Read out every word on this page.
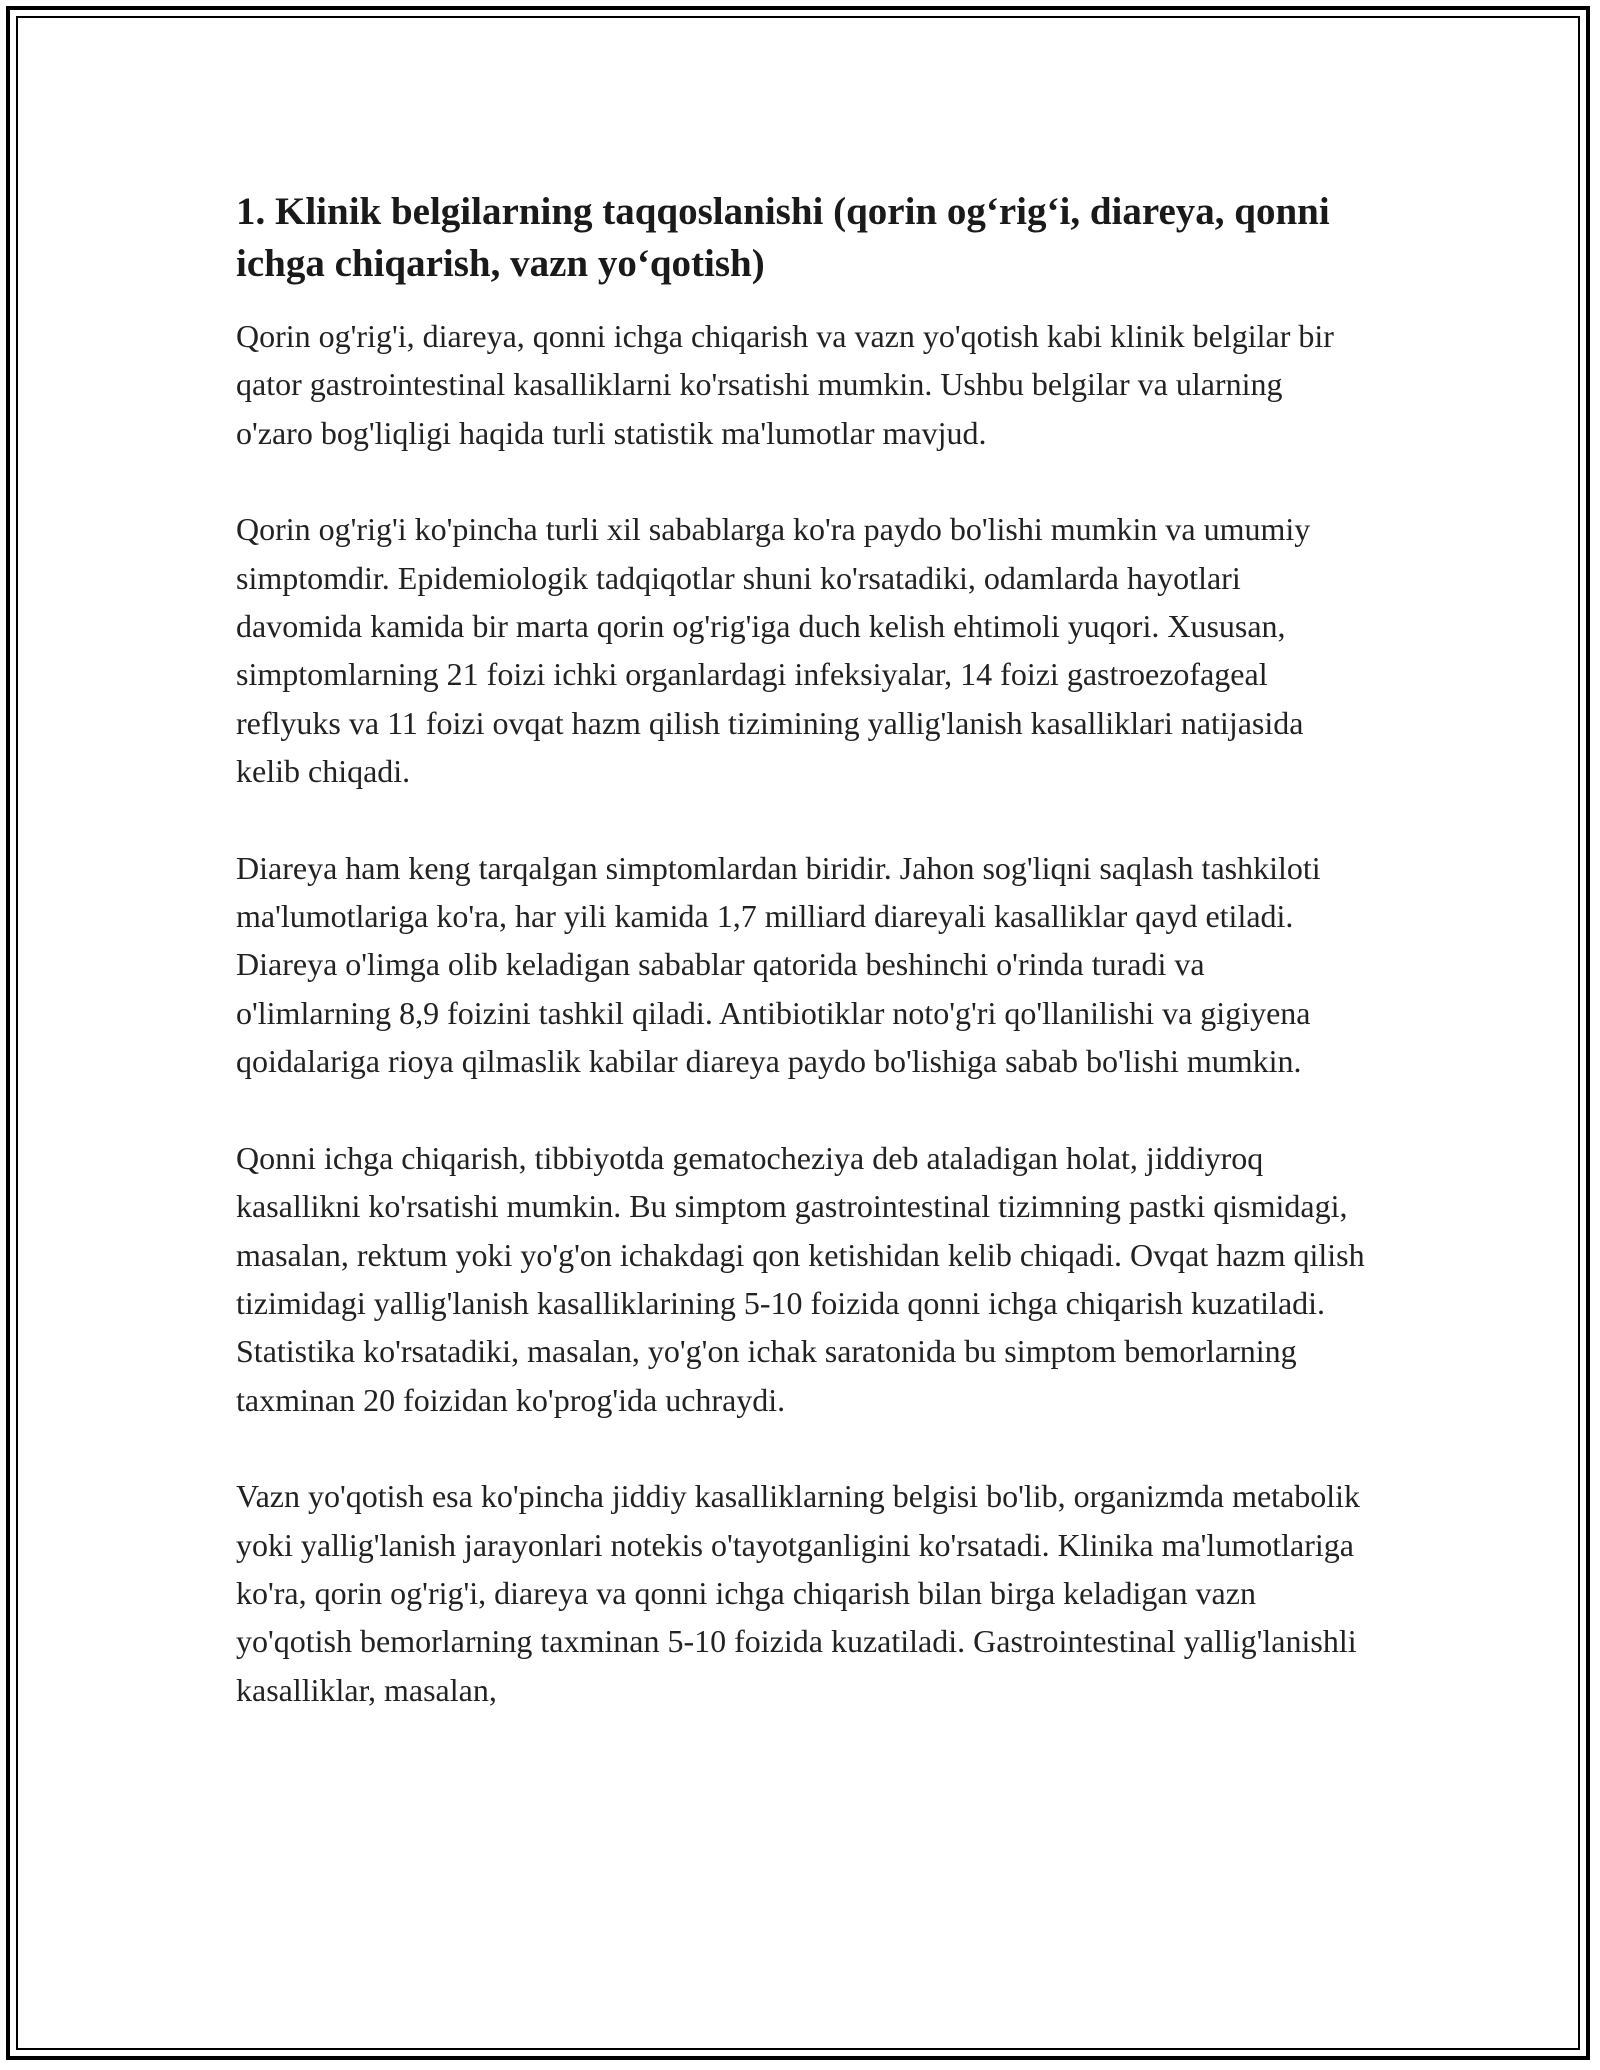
1. Klinik belgilarning taqqoslanishi (qorin og‘rig‘i, diareya, qonni ichga chiqarish, vazn yo‘qotish)

Qorin og'rig'i, diareya, qonni ichga chiqarish va vazn yo'qotish kabi klinik belgilar bir qator gastrointestinal kasalliklarni ko'rsatishi mumkin. Ushbu belgilar va ularning o'zaro bog'liqligi haqida turli statistik ma'lumotlar mavjud.

Qorin og'rig'i ko'pincha turli xil sabablarga ko'ra paydo bo'lishi mumkin va umumiy simptomdir. Epidemiologik tadqiqotlar shuni ko'rsatadiki, odamlarda hayotlari davomida kamida bir marta qorin og'rig'iga duch kelish ehtimoli yuqori. Xususan, simptomlarning 21 foizi ichki organlardagi infeksiyalar, 14 foizi gastroezofageal reflyuks va 11 foizi ovqat hazm qilish tizimining yallig'lanish kasalliklari natijasida kelib chiqadi.

Diareya ham keng tarqalgan simptomlardan biridir. Jahon sog'liqni saqlash tashkiloti ma'lumotlariga ko'ra, har yili kamida 1,7 milliard diareyali kasalliklar qayd etiladi. Diareya o'limga olib keladigan sabablar qatorida beshinchi o'rinda turadi va o'limlarning 8,9 foizini tashkil qiladi. Antibiotiklar noto'g'ri qo'llanilishi va gigiyena qoidalariga rioya qilmaslik kabilar diareya paydo bo'lishiga sabab bo'lishi mumkin.

Qonni ichga chiqarish, tibbiyotda gematocheziya deb ataladigan holat, jiddiyroq kasallikni ko'rsatishi mumkin. Bu simptom gastrointestinal tizimning pastki qismidagi, masalan, rektum yoki yo'g'on ichakdagi qon ketishidan kelib chiqadi. Ovqat hazm qilish tizimidagi yallig'lanish kasalliklarining 5-10 foizida qonni ichga chiqarish kuzatiladi. Statistika ko'rsatadiki, masalan, yo'g'on ichak saratonida bu simptom bemorlarning taxminan 20 foizidan ko'prog'ida uchraydi.

Vazn yo'qotish esa ko'pincha jiddiy kasalliklarning belgisi bo'lib, organizmda metabolik yoki yallig'lanish jarayonlari notekis o'tayotganligini ko'rsatadi. Klinika ma'lumotlariga ko'ra, qorin og'rig'i, diareya va qonni ichga chiqarish bilan birga keladigan vazn yo'qotish bemorlarning taxminan 5-10 foizida kuzatiladi. Gastrointestinal yallig'lanishli kasalliklar, masalan,
